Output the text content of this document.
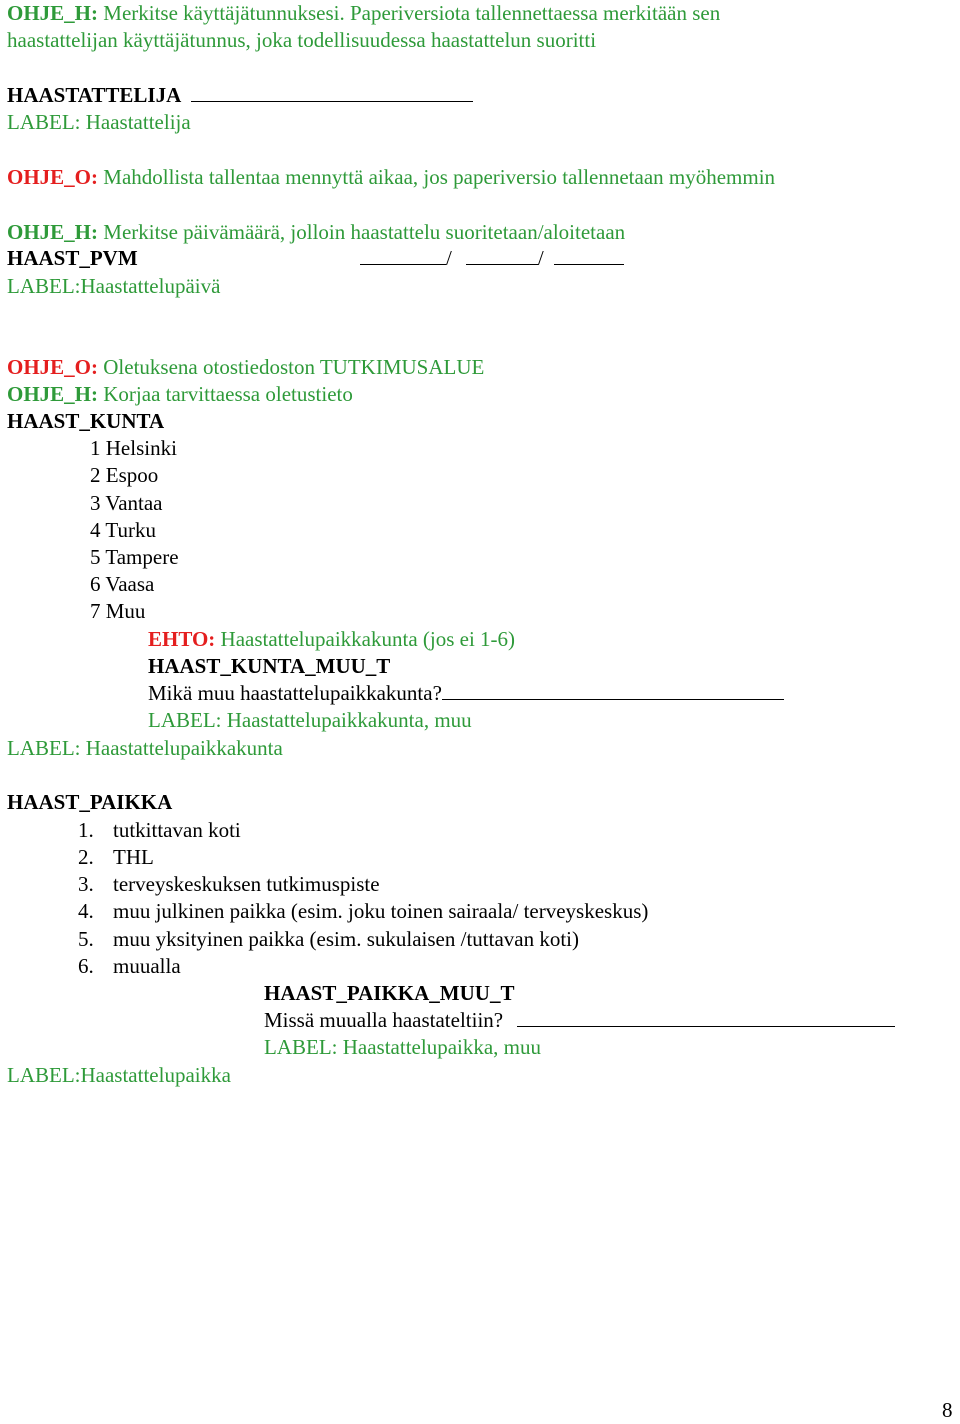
OHJE_H: Merkitse käyttäjätunnuksesi. Paperiversiota tallennettaessa merkitään sen
haastattelijan käyttäjätunnus, joka todellisuudessa haastattelun suoritti
HAASTATTELIJA
LABEL: Haastattelija
OHJE_O: Mahdollista tallentaa mennyttä aikaa, jos paperiversio tallennetaan myöhemmin
OHJE_H: Merkitse päivämäärä, jolloin haastattelu suoritetaan/aloitetaan
HAAST_PVM	/	/
LABEL:Haastattelupäivä
OHJE_O: Oletuksena otostiedoston TUTKIMUSALUE
OHJE_H: Korjaa tarvittaessa oletustieto
HAAST_KUNTA
1 Helsinki
2 Espoo
3 Vantaa
4 Turku
5 Tampere
6 Vaasa
7 Muu
EHTO: Haastattelupaikkakunta (jos ei 1-6)
HAAST_KUNTA_MUU_T
Mikä muu haastattelupaikkakunta?
LABEL: Haastattelupaikkakunta, muu
LABEL: Haastattelupaikkakunta
HAAST_PAIKKA
1. tutkittavan koti
2. THL
3. terveyskeskuksen tutkimuspiste
4. muu julkinen paikka (esim. joku toinen sairaala/ terveyskeskus)
5. muu yksityinen paikka (esim. sukulaisen /tuttavan koti)
6. muualla
HAAST_PAIKKA_MUU_T
Missä muualla haastateltiin?
LABEL: Haastattelupaikka, muu
LABEL:Haastattelupaikka
8
